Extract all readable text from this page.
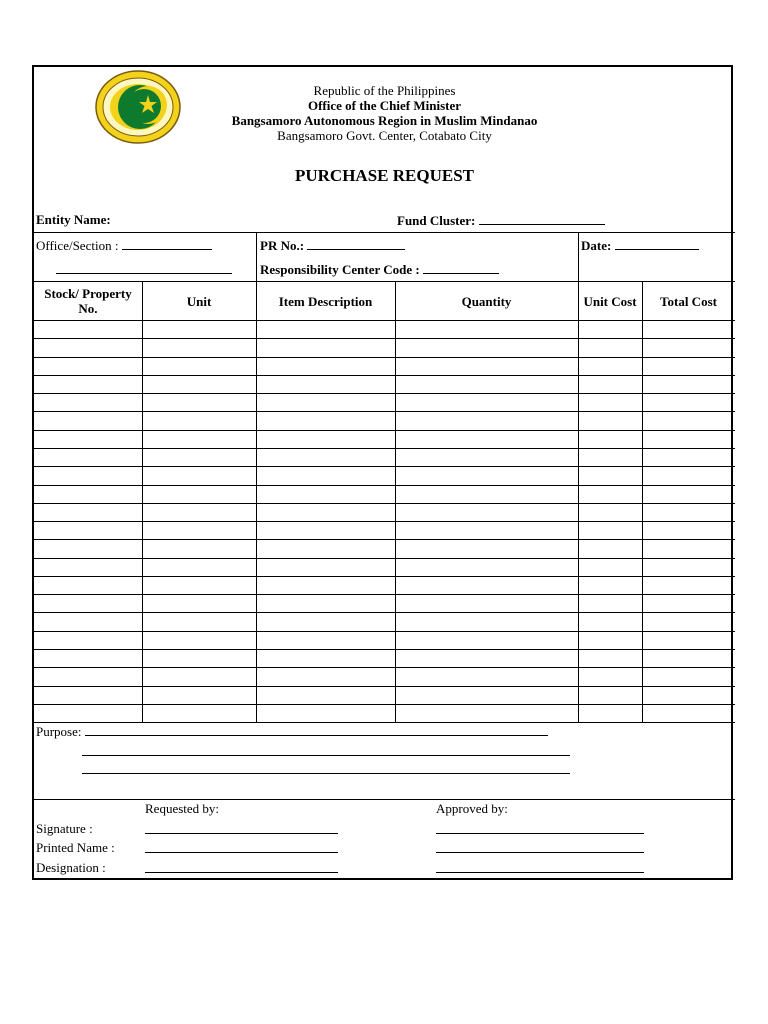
Republic of the Philippines
Office of the Chief Minister
Bangsamoro Autonomous Region in Muslim Mindanao
Bangsamoro Govt. Center, Cotabato City
PURCHASE REQUEST
Entity Name:	Fund Cluster:
Office/Section :	PR No.:
Responsibility Center Code :
Date:
Stock/ Property No.	Unit	Item Description	Quantity	Unit Cost	Total Cost
Purpose:
Requested by:	Approved by:
Signature :
Printed Name :
Designation :
